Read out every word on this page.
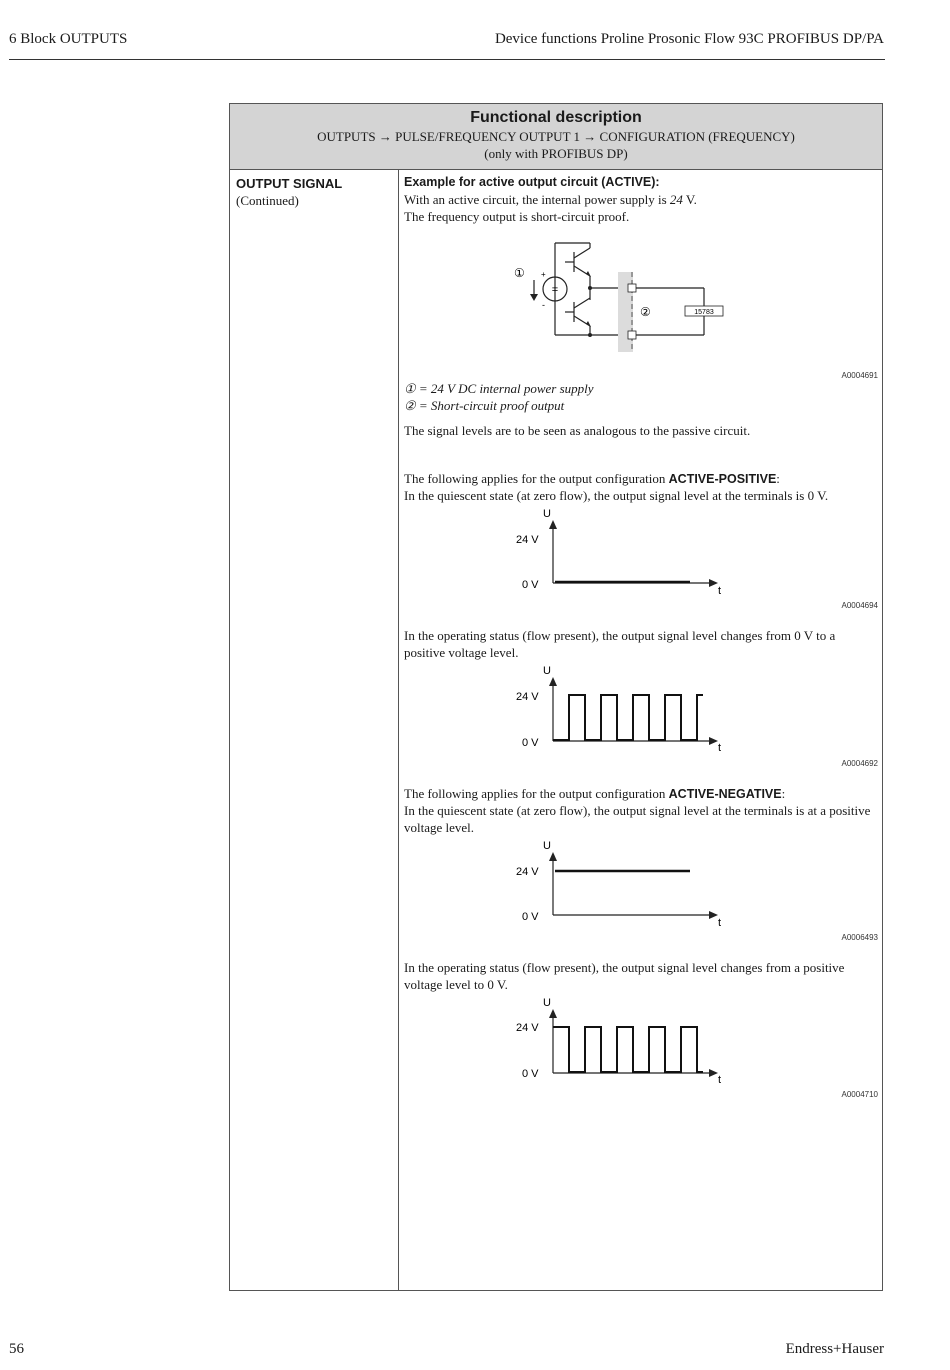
6 Block OUTPUTS	Device functions Proline Prosonic Flow 93C PROFIBUS DP/PA
Functional description
OUTPUTS → PULSE/FREQUENCY OUTPUT 1 → CONFIGURATION (FREQUENCY)
(only with PROFIBUS DP)
OUTPUT SIGNAL
(Continued)
Example for active output circuit (ACTIVE):
With an active circuit, the internal power supply is 24 V.
The frequency output is short-circuit proof.
15783
①
②
+
-
=
A0004691
① = 24 V DC internal power supply
② = Short-circuit proof output
The signal levels are to be seen as analogous to the passive circuit.
The following applies for the output configuration ACTIVE-POSITIVE:
In the quiescent state (at zero flow), the output signal level at the terminals is 0 V.
U
t
24 V
0 V
A0004694
In the operating status (flow present), the output signal level changes from 0 V to a
positive voltage level.
U
t
24 V
0 V
A0004692
The following applies for the output configuration ACTIVE-NEGATIVE:
In the quiescent state (at zero flow), the output signal level at the terminals is at a positive
voltage level.
U
t
24 V
0 V
A0006493
In the operating status (flow present), the output signal level changes from a positive
voltage level to 0 V.
U
t
24 V
0 V
A0004710
56	Endress+Hauser
